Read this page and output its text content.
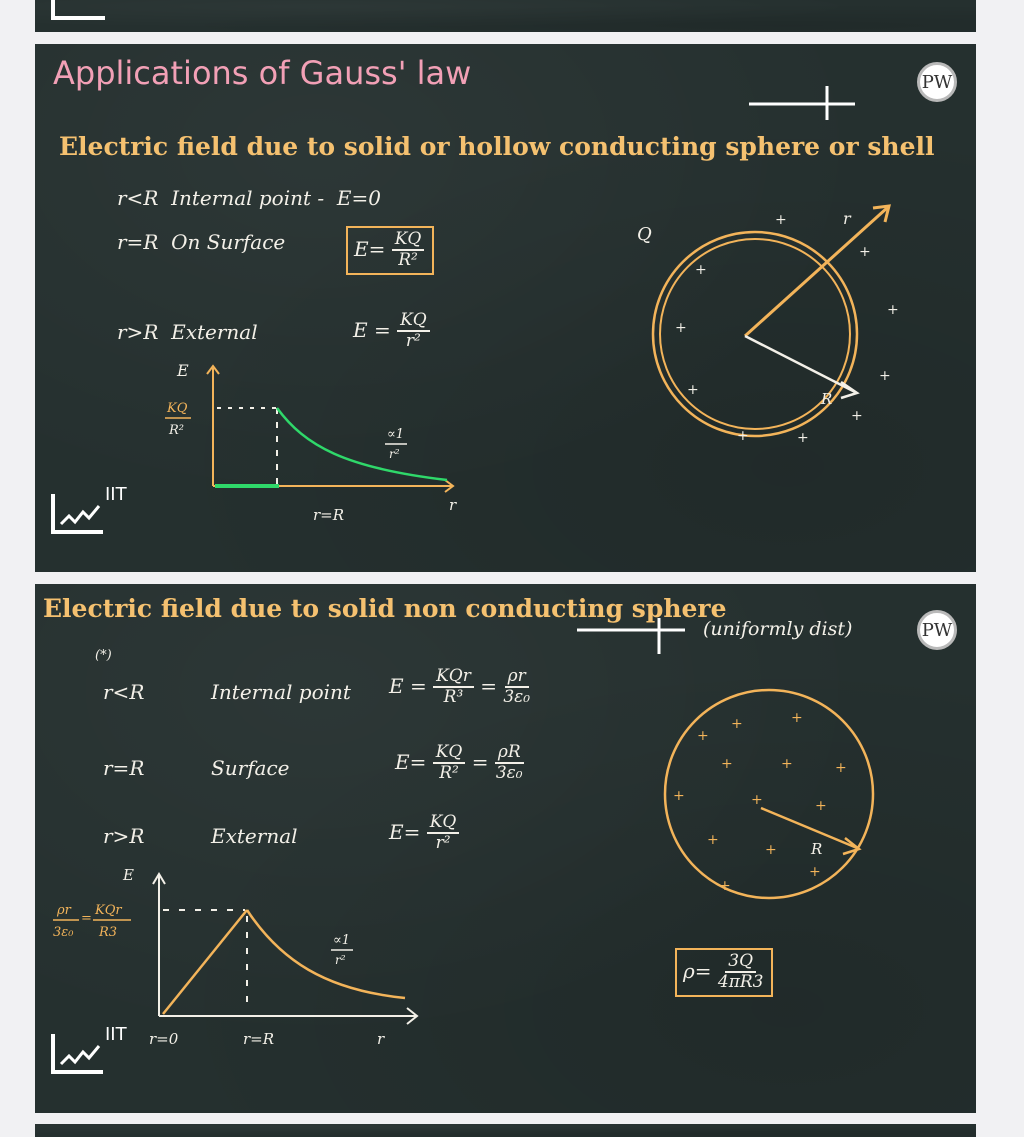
Applications of Gauss' law	PW
Electric field due to solid or hollow conducting sphere or shell
r<R Internal point - E=0
r=R On Surface	$E= \frac{KQ}{\text{R²}}$
r>R External	$E = \frac{KQ}{\text{r²}}$
E
KQ
R²	∝1
r²
r=R
r
IIT
Q
r
R
+
+
+
+
+
+
+
+
+
+
Electric field due to solid non conducting sphere
(uniformly dist)	PW
(*)
r<R	Internal point $E = \frac{\text{KQr}}{\text{R³}} = \frac{\rho r}{\text{3ε₀}}$
r=R	Surface	$E= \frac{KQ}{\text{R²}} = \frac{\rho R}{\text{3ε₀}}$
r>R	External	$E= \frac{KQ}{\text{r²}}$
E
ρr
3ε₀
=
KQr
R3
∝1
r²
r=0	r=R	r
IIT
R
+
+	+
+	+	+
+	+	+
+
+
+
+
$\rho= \frac{3Q}{4\pi R3}$
